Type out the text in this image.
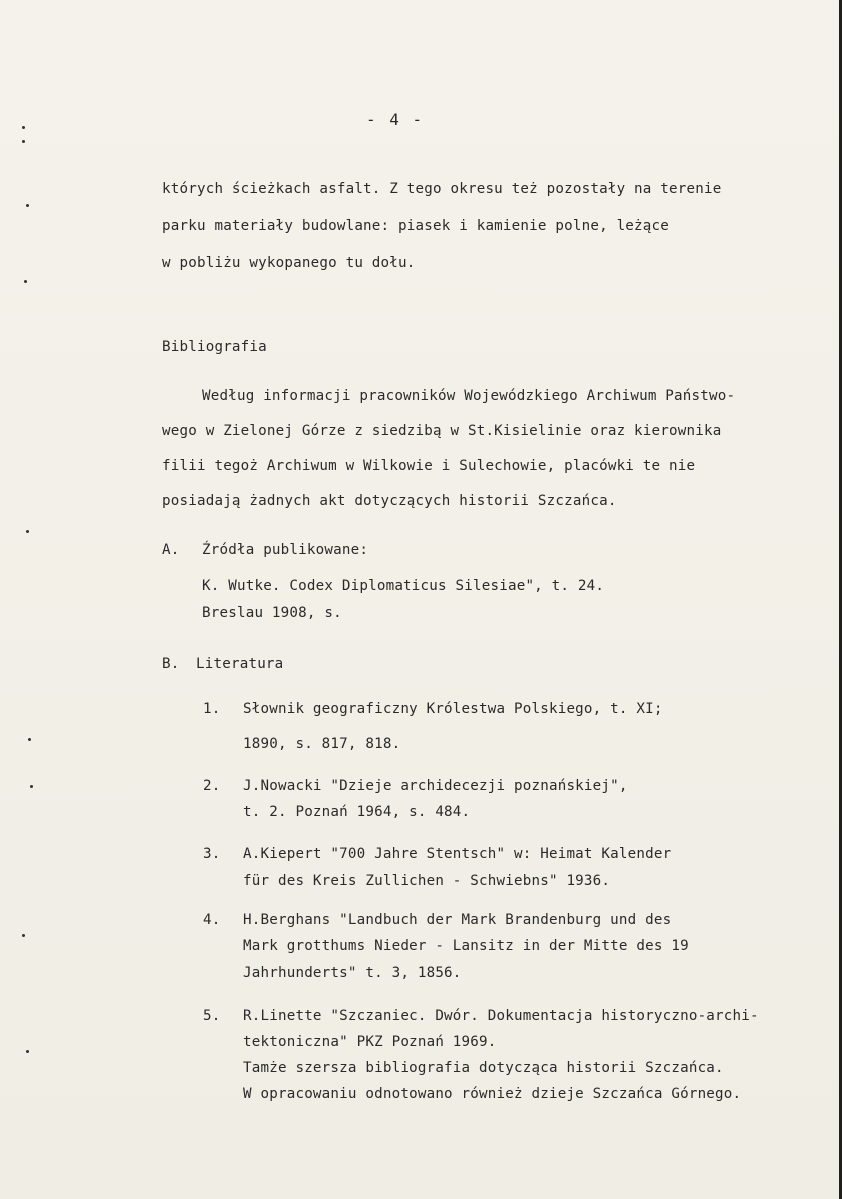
- 4 -
których ścieżkach asfalt. Z tego okresu też pozostały na terenie
parku materiały budowlane: piasek i kamienie polne, leżące
w pobliżu wykopanego tu dołu.
Bibliografia
Według informacji pracowników Wojewódzkiego Archiwum Państwo-
wego w Zielonej Górze z siedzibą w St.Kisielinie oraz kierownika
filii tegoż Archiwum w Wilkowie i Sulechowie, placówki te nie
posiadają żadnych akt dotyczących historii Szczańca.
A. Źródła publikowane:
K. Wutke. Codex Diplomaticus Silesiae", t. 24.
Breslau 1908, s.
B. Literatura
1. Słownik geograficzny Królestwa Polskiego, t. XI;
1890, s. 817, 818.
2. J.Nowacki "Dzieje archidecezji poznańskiej",
t. 2. Poznań 1964, s. 484.
3. A.Kiepert "700 Jahre Stentsch" w: Heimat Kalender
für des Kreis Zullichen - Schwiebns" 1936.
4. H.Berghans "Landbuch der Mark Brandenburg und des
Mark grotthums Nieder - Lansitz in der Mitte des 19
Jahrhunderts" t. 3, 1856.
5. R.Linette "Szczaniec. Dwór. Dokumentacja historyczno-archi-
tektoniczna" PKZ Poznań 1969.
Tamże szersza bibliografia dotycząca historii Szczańca.
W opracowaniu odnotowano również dzieje Szczańca Górnego.
